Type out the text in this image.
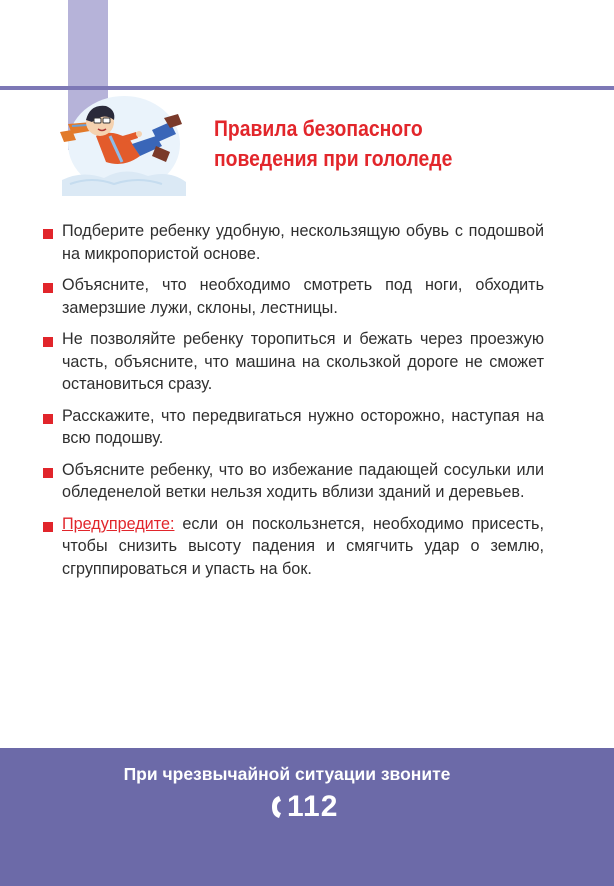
Правила безопасного
поведения при гололеде
Подберите ребенку удобную, нескользящую обувь с подошвой на микропористой основе.
Объясните, что необходимо смотреть под ноги, обходить замерзшие лужи, склоны, лестницы.
Не позволяйте ребенку торопиться и бежать через проезжую часть, объясните, что машина на скользкой дороге не сможет остановиться сразу.
Расскажите, что передвигаться нужно осторожно, наступая на всю подошву.
Объясните ребенку, что во избежание падающей сосульки или обледенелой ветки нельзя ходить вблизи зданий и деревьев.
Предупредите: если он поскользнется, необходимо присесть, чтобы снизить высоту падения и смягчить удар о землю, сгруппироваться и упасть на бок.
При чрезвычайной ситуации звоните
112
